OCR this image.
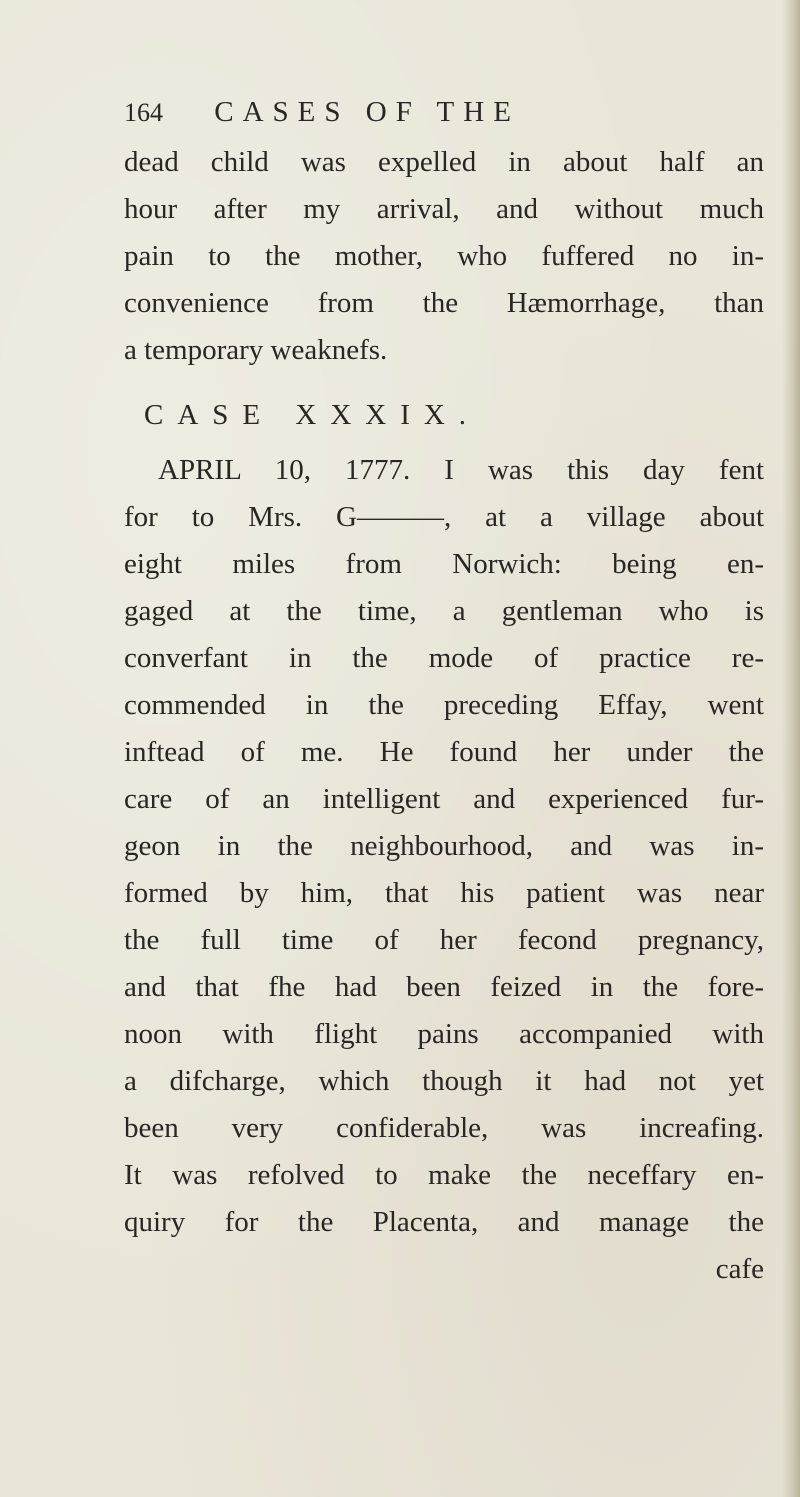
164 CASES OF THE
dead child was expelled in about half an
hour after my arrival, and without much
pain to the mother, who fuffered no in-
convenience from the Hæmorrhage, than
a temporary weaknefs.
CASE XXXIX.
APRIL 10, 1777. I was this day fent
for to Mrs. G———, at a village about
eight miles from Norwich: being en-
gaged at the time, a gentleman who is
converfant in the mode of practice re-
commended in the preceding Effay, went
inftead of me. He found her under the
care of an intelligent and experienced fur-
geon in the neighbourhood, and was in-
formed by him, that his patient was near
the full time of her fecond pregnancy,
and that fhe had been feized in the fore-
noon with flight pains accompanied with
a difcharge, which though it had not yet
been very confiderable, was increafing.
It was refolved to make the neceffary en-
quiry for the Placenta, and manage the
cafe
